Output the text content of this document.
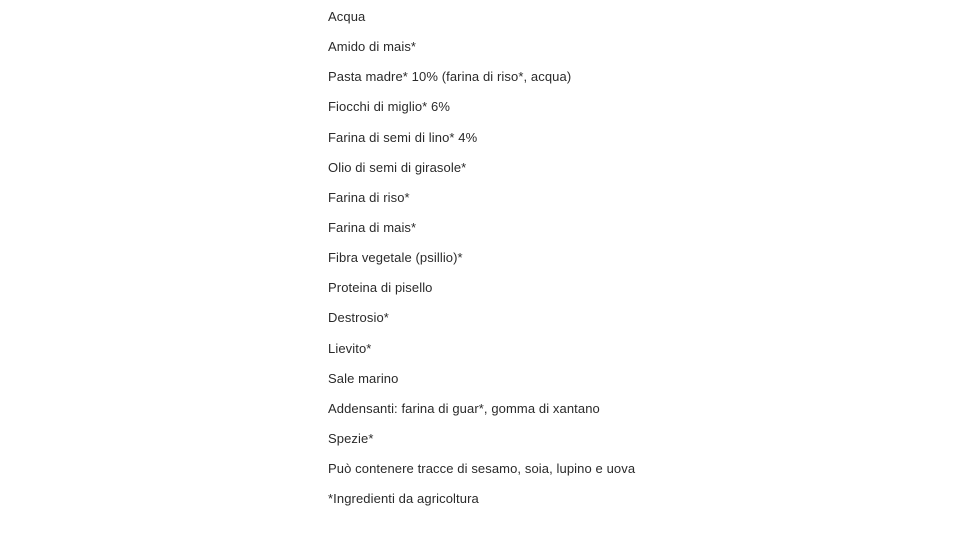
Acqua
Amido di mais*
Pasta madre* 10% (farina di riso*, acqua)
Fiocchi di miglio* 6%
Farina di semi di lino* 4%
Olio di semi di girasole*
Farina di riso*
Farina di mais*
Fibra vegetale (psillio)*
Proteina di pisello
Destrosio*
Lievito*
Sale marino
Addensanti: farina di guar*, gomma di xantano
Spezie*
Può contenere tracce di sesamo, soia, lupino e uova
*Ingredienti da agricoltura
